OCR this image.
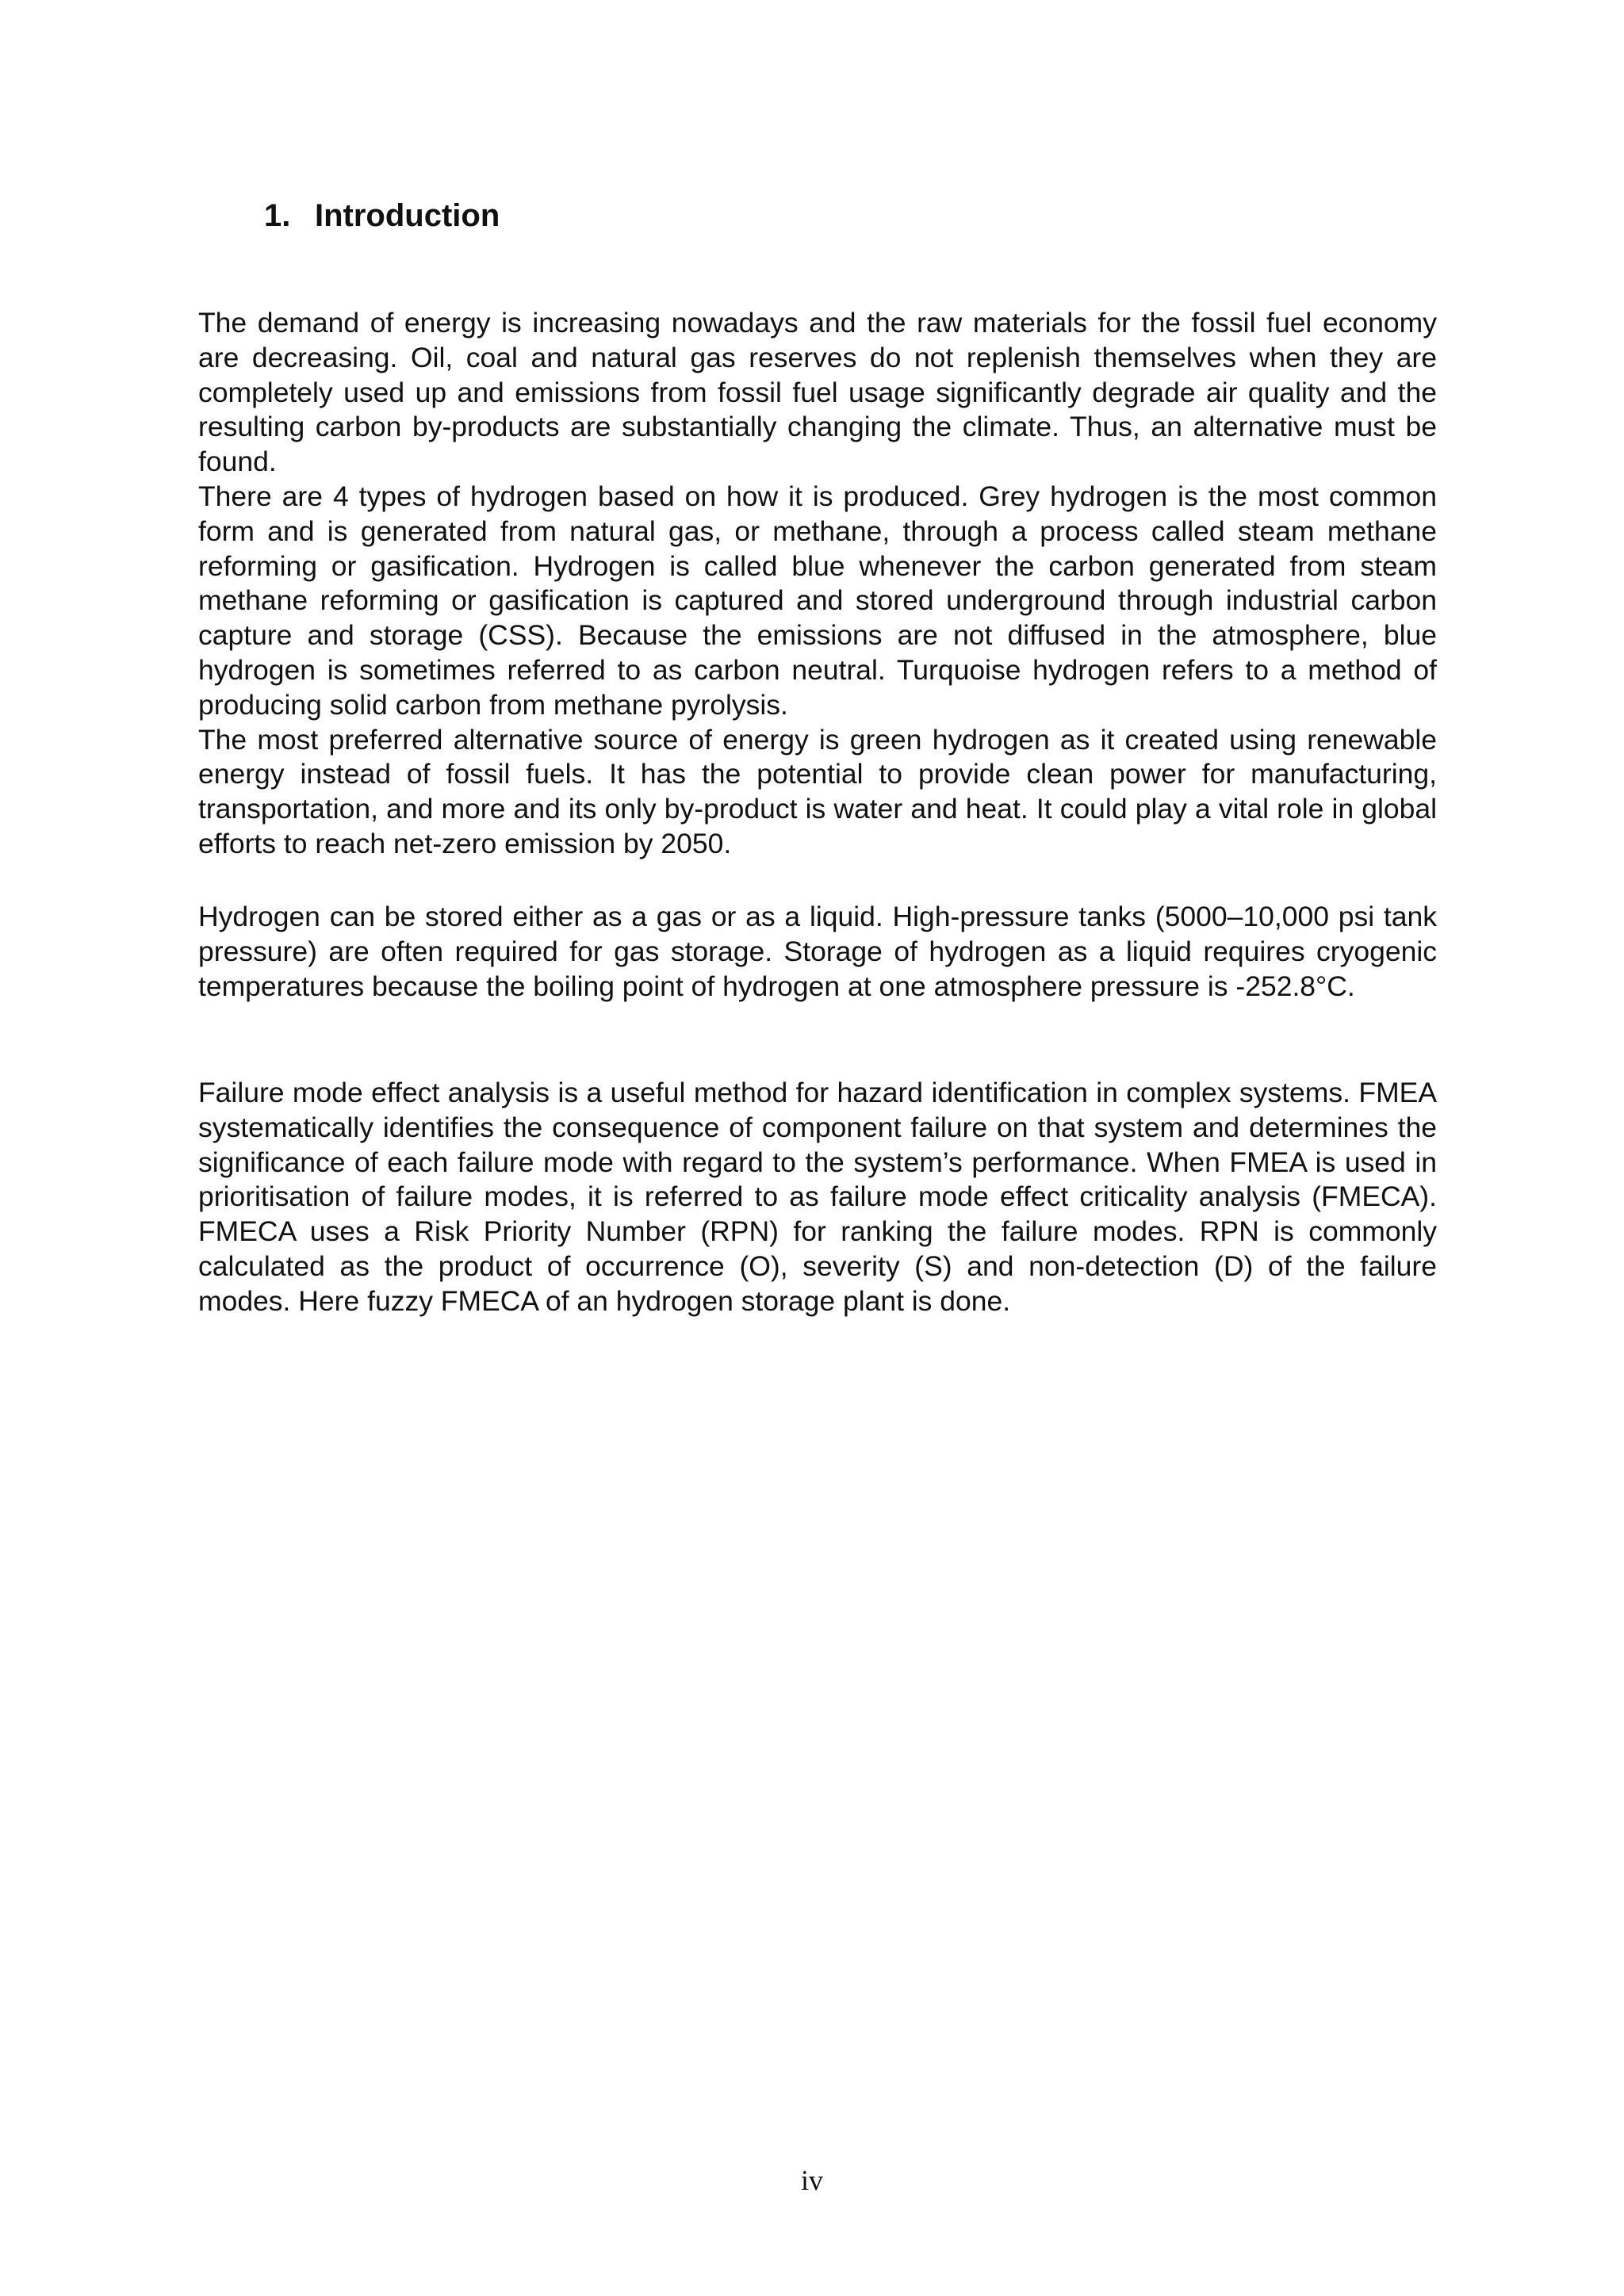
1. Introduction

The demand of energy is increasing nowadays and the raw materials for the fossil fuel economy are decreasing. Oil, coal and natural gas reserves do not replenish themselves when they are completely used up and emissions from fossil fuel usage significantly degrade air quality and the resulting carbon by-products are substantially changing the climate. Thus, an alternative must be found.

There are 4 types of hydrogen based on how it is produced. Grey hydrogen is the most common form and is generated from natural gas, or methane, through a process called steam methane reforming or gasification. Hydrogen is called blue whenever the carbon generated from steam methane reforming or gasification is captured and stored underground through industrial carbon capture and storage (CSS). Because the emissions are not diffused in the atmosphere, blue hydrogen is sometimes referred to as carbon neutral. Turquoise hydrogen refers to a method of producing solid carbon from methane pyrolysis.

The most preferred alternative source of energy is green hydrogen as it created using renewable energy instead of fossil fuels. It has the potential to provide clean power for manufacturing, transportation, and more and its only by-product is water and heat. It could play a vital role in global efforts to reach net-zero emission by 2050.

Hydrogen can be stored either as a gas or as a liquid. High-pressure tanks (5000–10,000 psi tank pressure) are often required for gas storage. Storage of hydrogen as a liquid requires cryogenic temperatures because the boiling point of hydrogen at one atmosphere pressure is -252.8°C.

Failure mode effect analysis is a useful method for hazard identification in complex systems. FMEA systematically identifies the consequence of component failure on that system and determines the significance of each failure mode with regard to the system’s performance. When FMEA is used in prioritisation of failure modes, it is referred to as failure mode effect criticality analysis (FMECA). FMECA uses a Risk Priority Number (RPN) for ranking the failure modes. RPN is commonly calculated as the product of occurrence (O), severity (S) and non-detection (D) of the failure modes. Here fuzzy FMECA of an hydrogen storage plant is done.

iv
